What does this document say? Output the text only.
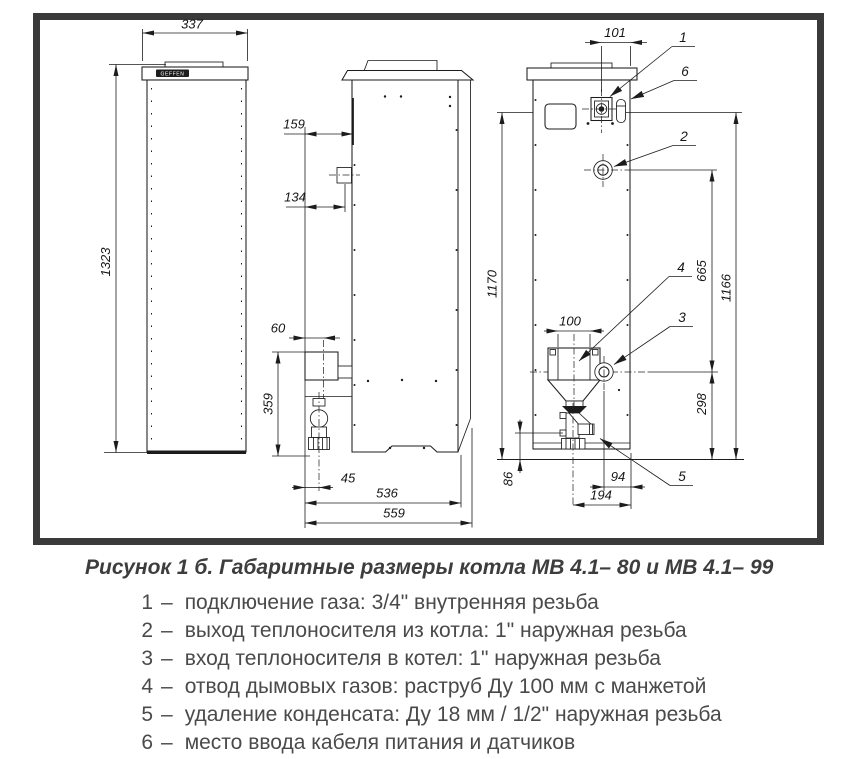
GEFFEN
337
1323
159
134
60
359
45
536
559
101
1170	665
298
1166
100
86	94
194
1
6
2
4
3
5
Рисунок 1 б. Габаритные размеры котла МВ 4.1– 80 и МВ 4.1– 99
1 – подключение газа: 3/4" внутренняя резьба
2 – выход теплоносителя из котла: 1" наружная резьба
3 – вход теплоносителя в котел: 1" наружная резьба
4 – отвод дымовых газов: раструб Ду 100 мм с манжетой
5 – удаление конденсата: Ду 18 мм / 1/2" наружная резьба
6 – место ввода кабеля питания и датчиков
